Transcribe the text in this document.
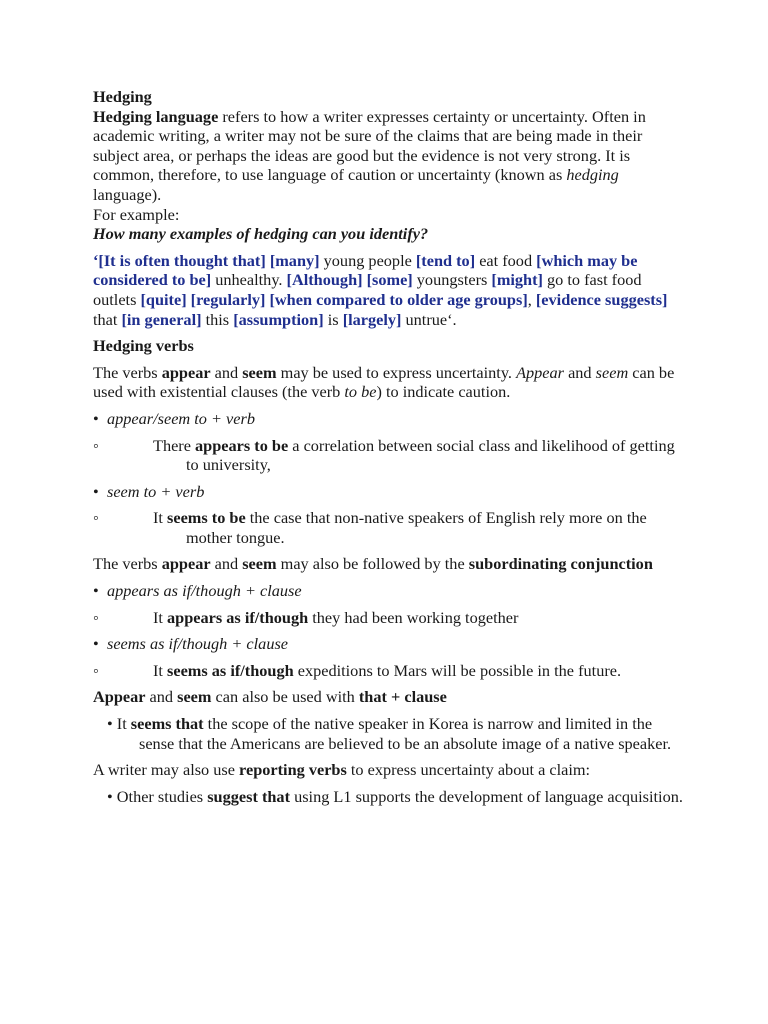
Hedging

Hedging language refers to how a writer expresses certainty or uncertainty. Often in academic writing, a writer may not be sure of the claims that are being made in their subject area, or perhaps the ideas are good but the evidence is not very strong. It is common, therefore, to use language of caution or uncertainty (known as hedging language).

For example:

How many examples of hedging can you identify?

‘[It is often thought that] [many] young people [tend to] eat food [which may be considered to be] unhealthy. [Although] [some] youngsters [might] go to fast food outlets [quite] [regularly] [when compared to older age groups], [evidence suggests] that [in general] this [assumption] is [largely] untrue‘.

Hedging verbs

The verbs appear and seem may be used to express uncertainty. Appear and seem can be used with existential clauses (the verb to be) to indicate caution.

• appear/seem to + verb

◦	There appears to be a correlation between social class and likelihood of getting to university,

• seem to + verb

◦	It seems to be the case that non-native speakers of English rely more on the mother tongue.

The verbs appear and seem may also be followed by the subordinating conjunction

• appears as if/though + clause

◦	It appears as if/though they had been working together

• seems as if/though + clause

◦	It seems as if/though expeditions to Mars will be possible in the future.

Appear and seem can also be used with that + clause

• It seems that the scope of the native speaker in Korea is narrow and limited in the sense that the Americans are believed to be an absolute image of a native speaker.

A writer may also use reporting verbs to express uncertainty about a claim:

• Other studies suggest that using L1 supports the development of language acquisition.
